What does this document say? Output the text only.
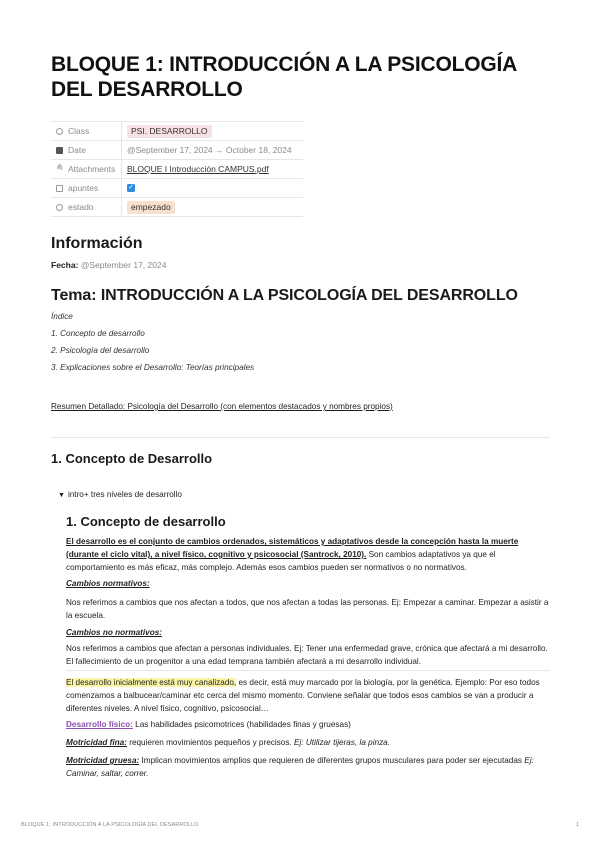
BLOQUE 1: INTRODUCCIÓN A LA PSICOLOGÍA DEL DESARROLLO
Class	PSI. DESARROLLO
Date	@September 17, 2024 → October 18, 2024
🖇 Attachments BLOQUE I Introducción CAMPUS.pdf
apuntes	✓
estado	empezado
Información
Fecha: @September 17, 2024
Tema: INTRODUCCIÓN A LA PSICOLOGÍA DEL DESARROLLO
Índice
1. Concepto de desarrollo
2. Psicología del desarrollo
3. Explicaciones sobre el Desarrollo: Teorías principales
Resumen Detallado: Psicología del Desarrollo (con elementos destacados y nombres propios)
1. Concepto de Desarrollo
▼ intro+ tres niveles de desarrollo
1. Concepto de desarrollo

El desarrollo es el conjunto de cambios ordenados, sistemáticos y adaptativos desde la concepción hasta la muerte (durante el ciclo vital), a nivel físico, cognitivo y psicosocial (Santrock, 2010). Son cambios adaptativos ya que el comportamiento es más eficaz, más complejo. Además esos cambios pueden ser normativos o no normativos.

Cambios normativos:

Nos referimos a cambios que nos afectan a todos, que nos afectan a todas las personas. Ej: Empezar a caminar. Empezar a asistir a la escuela.

Cambios no normativos:

Nos referimos a cambios que afectan a personas individuales. Ej: Tener una enfermedad grave, crónica que afectará a mi desarrollo. El fallecimiento de un progenitor a una edad temprana también afectará a mi desarrollo individual.

El desarrollo inicialmente está muy canalizado, es decir, está muy marcado por la biología, por la genética. Ejemplo: Por eso todos comenzamos a balbucear/caminar etc cerca del mismo momento. Conviene señalar que todos esos cambios se van a producir a diferentes niveles. A nivel físico, cognitivo, psicosocial…

Desarrollo físico: Las habilidades psicomotrices (habilidades finas y gruesas)

Motricidad fina: requieren movimientos pequeños y precisos. Ej: Utilizar tijeras, la pinza.

Motricidad gruesa: Implican movimientos amplios que requieren de diferentes grupos musculares para poder ser ejecutadas Ej: Caminar, saltar, correr.

BLOQUE 1: INTRODUCCIÓN A LA PSICOLOGÍA DEL DESARROLLO	1
